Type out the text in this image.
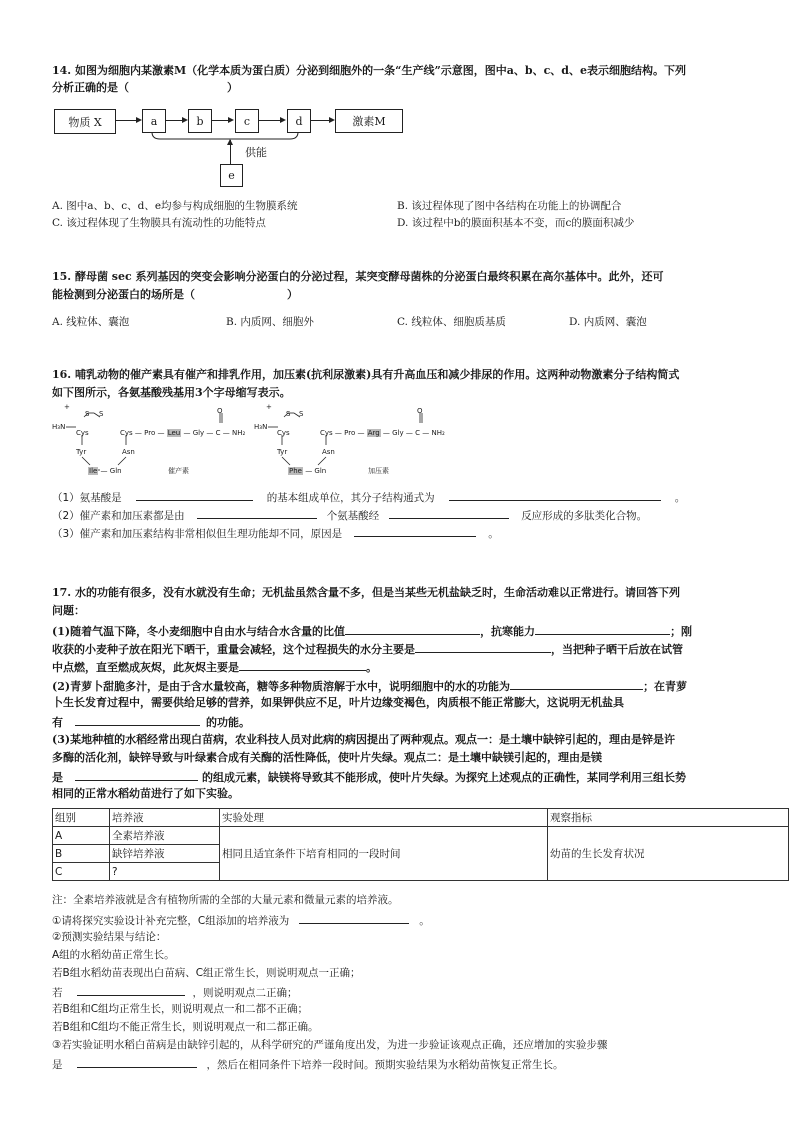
14. 如图为细胞内某激素M（化学本质为蛋白质）分泌到细胞外的一条“生产线”示意图，图中a、b、c、d、e表示细胞结构。下列
分析正确的是（	）
物质 X	a	b	c	d	激素M
供能
e
A. 图中a、b、c、d、e均参与构成细胞的生物膜系统	B. 该过程体现了图中各结构在功能上的协调配合
C. 该过程体现了生物膜具有流动性的功能特点	D. 该过程中b的膜面积基本不变，而c的膜面积减少
15. 酵母菌 sec 系列基因的突变会影响分泌蛋白的分泌过程，某突变酵母菌株的分泌蛋白最终积累在高尔基体中。此外，还可
能检测到分泌蛋白的场所是（	）
A. 线粒体、囊泡	B. 内质网、细胞外	C. 线粒体、细胞质基质	D. 内质网、囊泡
16. 哺乳动物的催产素具有催产和排乳作用，加压素(抗利尿激素)具有升高血压和减少排尿的作用。这两种动物激素分子结构简式
如下图所示，各氨基酸残基用3个字母缩写表示。
+
S S
H₃N
Cys	Cys — Pro — Leu — Gly — C — NH₂
O
Tyr	Asn
Ile — Gln	催产素
+
S S
H₃N
Cys	Cys — Pro — Arg — Gly — C — NH₂
O
Tyr	Asn
Phe — Gln	加压素
（1）氨基酸是	的基本组成单位，其分子结构通式为	。
（2）催产素和加压素都是由	个氨基酸经	反应形成的多肽类化合物。
（3）催产素和加压素结构非常相似但生理功能却不同，原因是	。
17. 水的功能有很多，没有水就没有生命；无机盐虽然含量不多，但是当某些无机盐缺乏时，生命活动难以正常进行。请回答下列
问题：
(1)随着气温下降，冬小麦细胞中自由水与结合水含量的比值	，抗寒能力	；刚
收获的小麦种子放在阳光下晒干，重量会减轻，这个过程损失的水分主要是	，当把种子晒干后放在试管
中点燃，直至燃成灰烬，此灰烬主要是	。
(2)青萝卜甜脆多汁，是由于含水量较高，糖等多种物质溶解于水中，说明细胞中的水的功能为	；在青萝
卜生长发育过程中，需要供给足够的营养，如果钾供应不足，叶片边缘变褐色，肉质根不能正常膨大，这说明无机盐具
有	的功能。
(3)某地种植的水稻经常出现白苗病，农业科技人员对此病的病因提出了两种观点。观点一：是土壤中缺锌引起的，理由是锌是许
多酶的活化剂，缺锌导致与叶绿素合成有关酶的活性降低，使叶片失绿。观点二：是土壤中缺镁引起的，理由是镁
是	的组成元素，缺镁将导致其不能形成，使叶片失绿。为探究上述观点的正确性，某同学利用三组长势
相同的正常水稻幼苗进行了如下实验。
组别	培养液	实验处理	观察指标
A	全素培养液	相同且适宜条件下培育相同的一段时间	幼苗的生长发育状况
B	缺锌培养液		
C	?		
注：全素培养液就是含有植物所需的全部的大量元素和微量元素的培养液。
①请将探究实验设计补充完整，C组添加的培养液为	。
②预测实验结果与结论：
A组的水稻幼苗正常生长。
若B组水稻幼苗表现出白苗病、C组正常生长，则说明观点一正确；
若	，则说明观点二正确；
若B组和C组均正常生长，则说明观点一和二都不正确；
若B组和C组均不能正常生长，则说明观点一和二都正确。
③若实验证明水稻白苗病是由缺锌引起的，从科学研究的严谨角度出发，为进一步验证该观点正确，还应增加的实验步骤
是	，然后在相同条件下培养一段时间。预期实验结果为水稻幼苗恢复正常生长。
